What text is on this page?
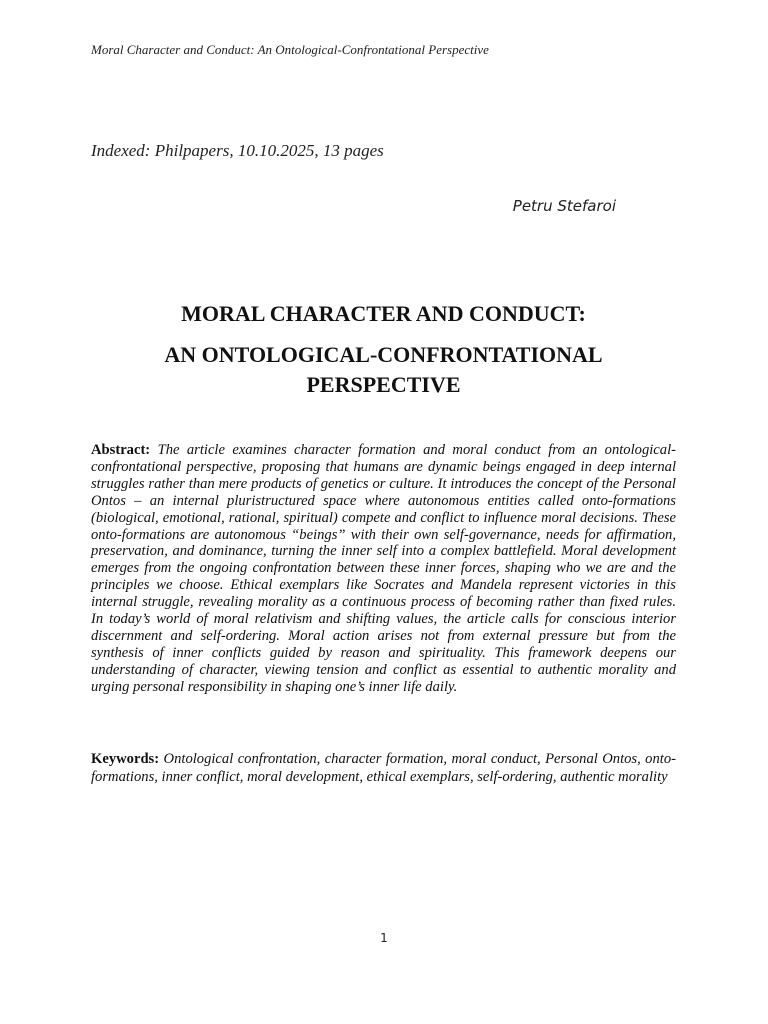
Moral Character and Conduct: An Ontological-Confrontational Perspective
Indexed: Philpapers, 10.10.2025, 13 pages
Petru Stefaroi

MORAL CHARACTER AND CONDUCT:

AN ONTOLOGICAL-CONFRONTATIONAL PERSPECTIVE

Abstract: The article examines character formation and moral conduct from an ontological-confrontational perspective, proposing that humans are dynamic beings engaged in deep internal struggles rather than mere products of genetics or culture. It introduces the concept of the Personal Ontos – an internal pluristructured space where autonomous entities called onto-formations (biological, emotional, rational, spiritual) compete and conflict to influence moral decisions. These onto-formations are autonomous “beings” with their own self-governance, needs for affirmation, preservation, and dominance, turning the inner self into a complex battlefield. Moral development emerges from the ongoing confrontation between these inner forces, shaping who we are and the principles we choose. Ethical exemplars like Socrates and Mandela represent victories in this internal struggle, revealing morality as a continuous process of becoming rather than fixed rules. In today’s world of moral relativism and shifting values, the article calls for conscious interior discernment and self-ordering. Moral action arises not from external pressure but from the synthesis of inner conflicts guided by reason and spirituality. This framework deepens our understanding of character, viewing tension and conflict as essential to authentic morality and urging personal responsibility in shaping one’s inner life daily.

Keywords: Ontological confrontation, character formation, moral conduct, Personal Ontos, onto-formations, inner conflict, moral development, ethical exemplars, self-ordering, authentic morality

1
